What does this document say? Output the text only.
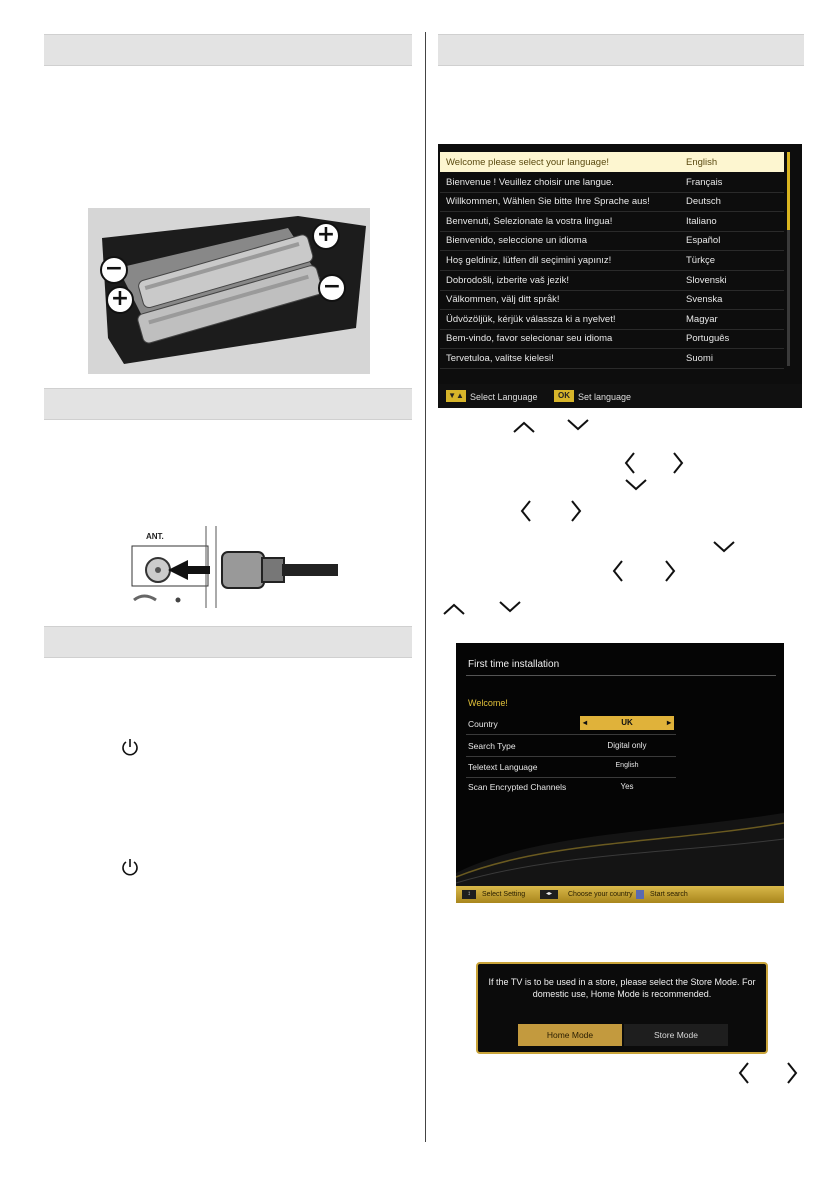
+
−
+	−
ANT.
Welcome please select your language!	English
Bienvenue ! Veuillez choisir une langue.	Français
Willkommen, Wählen Sie bitte Ihre Sprache aus!	Deutsch
Benvenuti, Selezionate la vostra lingua!	Italiano
Bienvenido, seleccione un idioma	Español
Hoş geldiniz, lütfen dil seçimini yapınız!	Türkçe
Dobrodošli, izberite vaš jezik!	Slovenski
Välkommen, välj ditt språk!	Svenska
Üdvözöljük, kérjük válassza ki a nyelvet!	Magyar
Bem-vindo, favor selecionar seu idioma	Português
Tervetuloa, valitse kielesi!	Suomi
▼▲ Select Language	OK Set language
First time installation
Welcome!
Country	◂	UK	▸
Search Type	Digital only
Teletext Language	English
Scan Encrypted Channels	Yes
↕	Select Setting	◂▸	Choose your country Start search
If the TV is to be used in a store, please select the Store Mode. For domestic use, Home Mode is recommended.
Home Mode	Store Mode
